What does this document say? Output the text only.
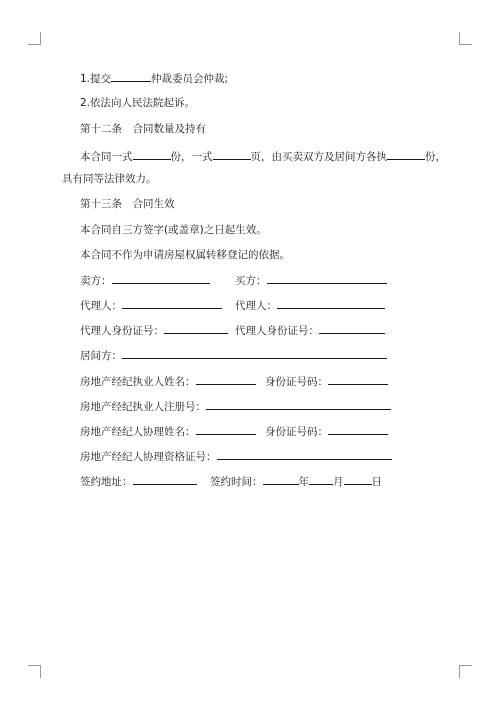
1.提交	仲裁委员会仲裁;
2.依法向人民法院起诉。
第十二条　合同数量及持有
本合同一式	份，一式	页，由买卖双方及居间方各执	份，
具有同等法律效力。
第十三条　合同生效
本合同自三方签字(或盖章)之日起生效。
本合同不作为申请房屋权属转移登记的依据。
卖方：	买方：
代理人：	代理人：
代理人身份证号：	代理人身份证号：
居间方：
房地产经纪执业人姓名：	身份证号码：
房地产经纪执业人注册号：
房地产经纪人协理姓名：	身份证号码：
房地产经纪人协理资格证号：
签约地址：	签约时间：	年 月	日
